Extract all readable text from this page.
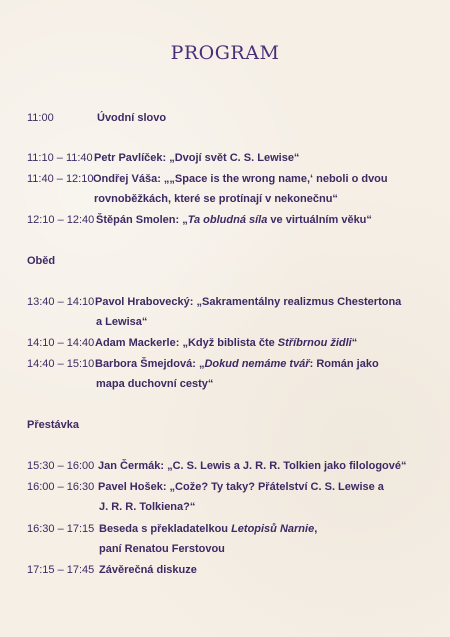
PROGRAM
11:00	Úvodní slovo
11:10 – 11:40 Petr Pavlíček: „Dvojí svět C. S. Lewise“
11:40 – 12:10 Ondřej Váša: „„Space is the wrong name,‘ neboli o dvou
rovnoběžkách, které se protínají v nekonečnu“
12:10 – 12:40 Štěpán Smolen: „Ta obludná síla ve virtuálním věku“
Oběd
13:40 – 14:10 Pavol Hrabovecký: „Sakramentálny realizmus Chestertona
a Lewisa“
14:10 – 14:40 Adam Mackerle: „Když biblista čte Stříbrnou židli“
14:40 – 15:10 Barbora Šmejdová: „Dokud nemáme tvář: Román jako
mapa duchovní cesty“
Přestávka
15:30 – 16:00 Jan Čermák: „C. S. Lewis a J. R. R. Tolkien jako filologové“
16:00 – 16:30 Pavel Hošek: „Cože? Ty taky? Přátelství C. S. Lewise a
J. R. R. Tolkiena?“
16:30 – 17:15 Beseda s překladatelkou Letopisů Narnie,
paní Renatou Ferstovou
17:15 – 17:45 Závěrečná diskuze
